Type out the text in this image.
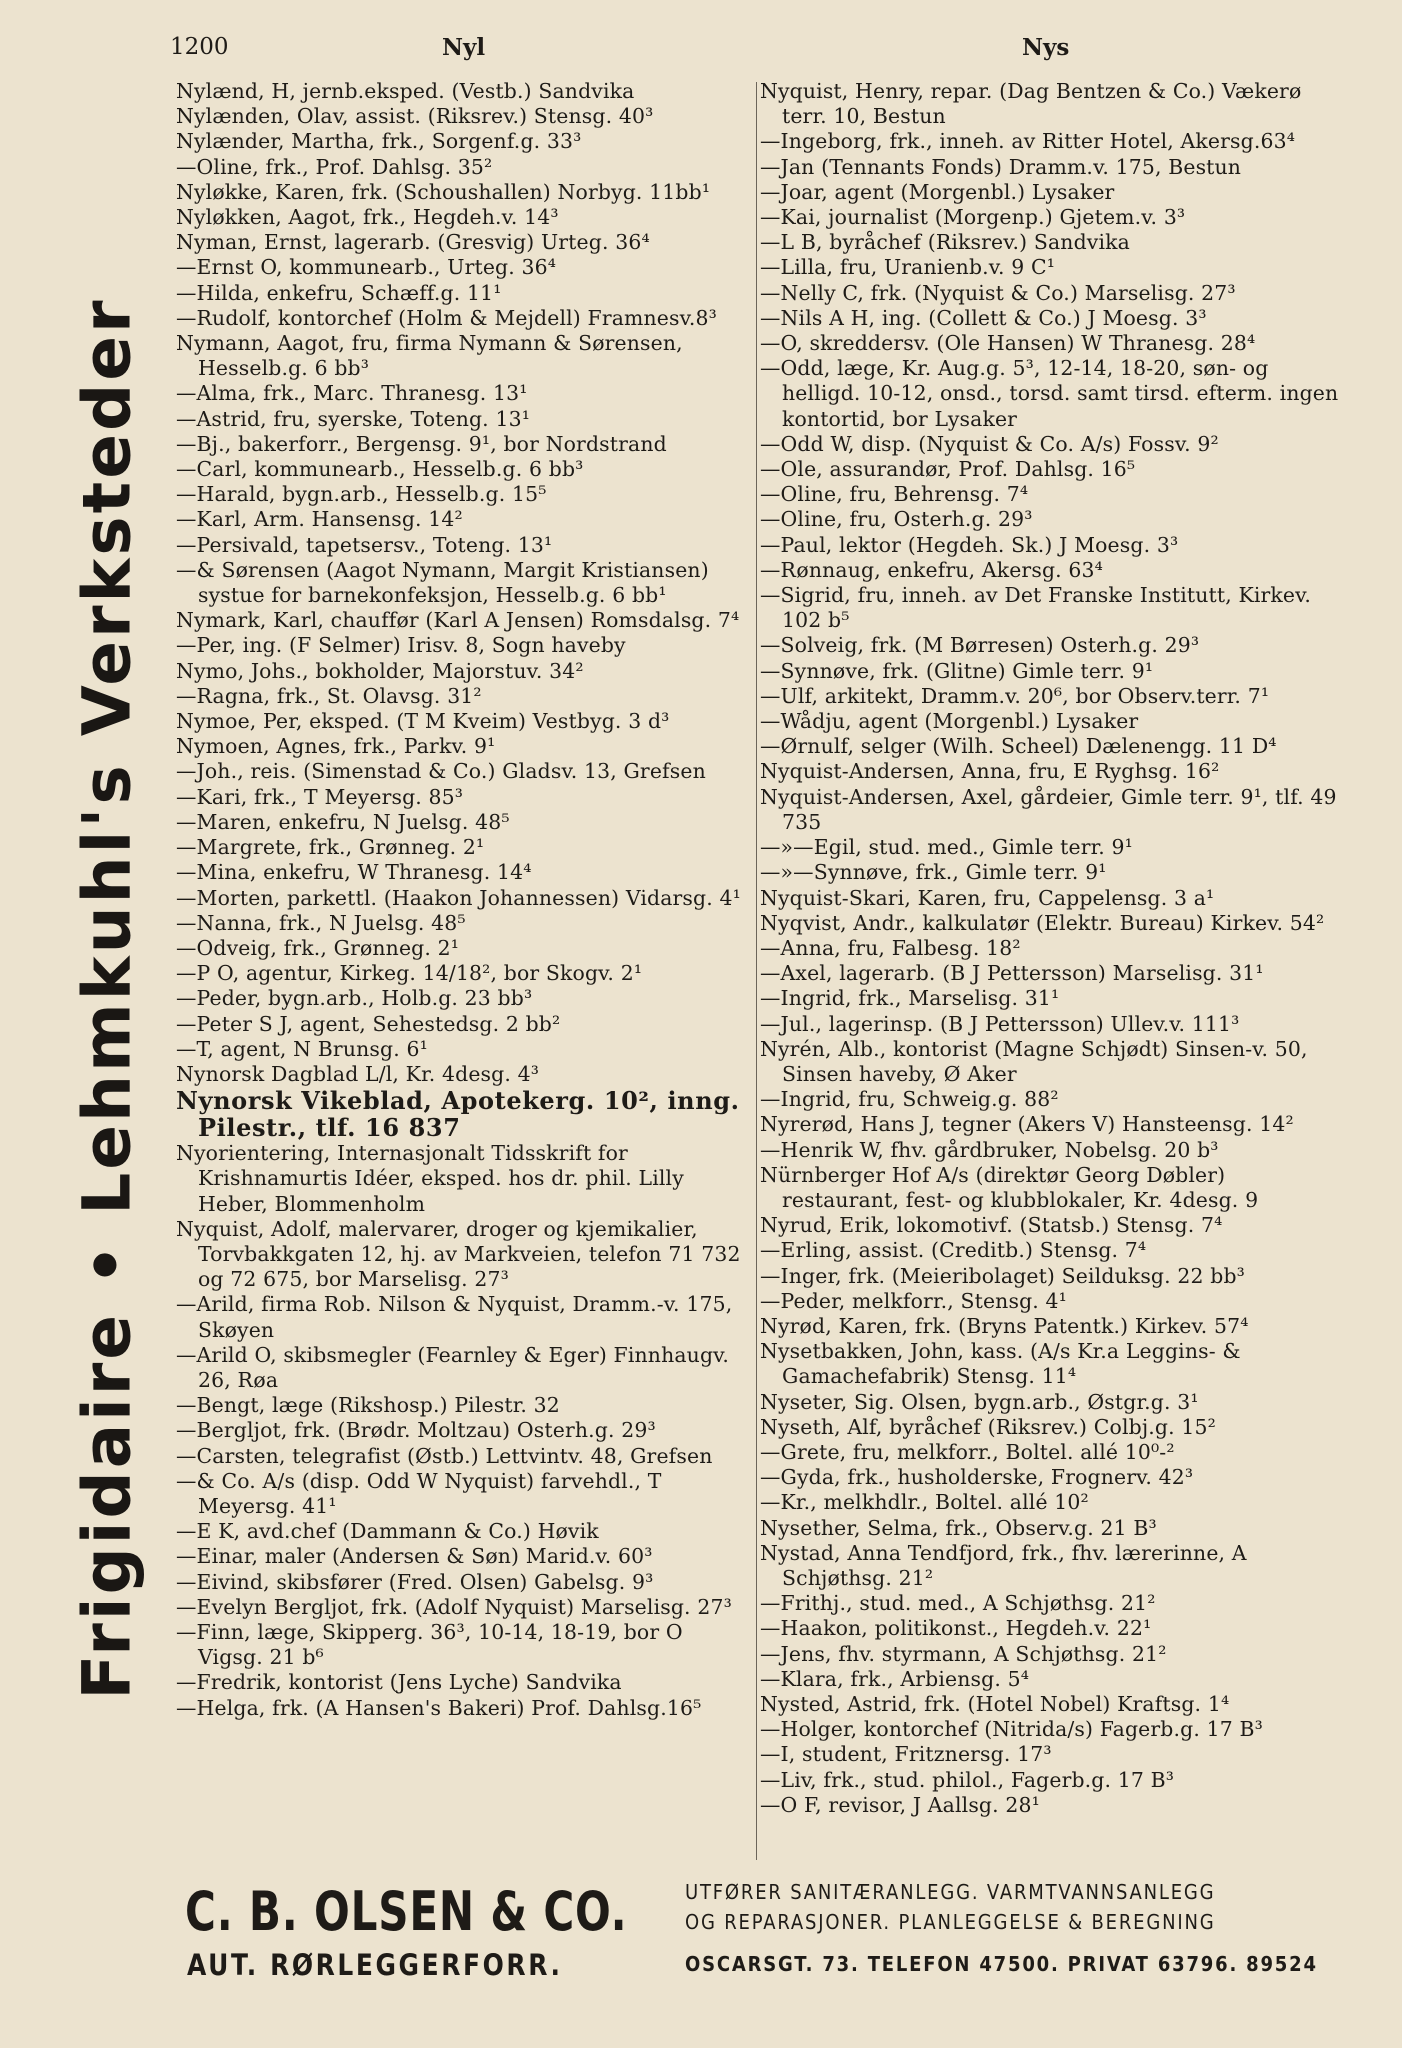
1200	Nyl	Nys
Frigidaire • Lehmkuhl's Verksteder
Nylænd, H, jernb.eksped. (Vestb.) Sandvika
Nylænden, Olav, assist. (Riksrev.) Stensg. 40³
Nylænder, Martha, frk., Sorgenf.g. 33³
—Oline, frk., Prof. Dahlsg. 35²
Nyløkke, Karen, frk. (Schoushallen) Norbyg. 11bb¹
Nyløkken, Aagot, frk., Hegdeh.v. 14³
Nyman, Ernst, lagerarb. (Gresvig) Urteg. 36⁴
—Ernst O, kommunearb., Urteg. 36⁴
—Hilda, enkefru, Schæff.g. 11¹
—Rudolf, kontorchef (Holm & Mejdell) Framnesv.8³
Nymann, Aagot, fru, firma Nymann & Sørensen, Hesselb.g. 6 bb³
—Alma, frk., Marc. Thranesg. 13¹
—Astrid, fru, syerske, Toteng. 13¹
—Bj., bakerforr., Bergensg. 9¹, bor Nordstrand
—Carl, kommunearb., Hesselb.g. 6 bb³
—Harald, bygn.arb., Hesselb.g. 15⁵
—Karl, Arm. Hansensg. 14²
—Persivald, tapetsersv., Toteng. 13¹
—& Sørensen (Aagot Nymann, Margit Kristiansen) systue for barnekonfeksjon, Hesselb.g. 6 bb¹
Nymark, Karl, chauffør (Karl A Jensen) Romsdalsg. 7⁴
—Per, ing. (F Selmer) Irisv. 8, Sogn haveby
Nymo, Johs., bokholder, Majorstuv. 34²
—Ragna, frk., St. Olavsg. 31²
Nymoe, Per, eksped. (T M Kveim) Vestbyg. 3 d³
Nymoen, Agnes, frk., Parkv. 9¹
—Joh., reis. (Simenstad & Co.) Gladsv. 13, Grefsen
—Kari, frk., T Meyersg. 85³
—Maren, enkefru, N Juelsg. 48⁵
—Margrete, frk., Grønneg. 2¹
—Mina, enkefru, W Thranesg. 14⁴
—Morten, parkettl. (Haakon Johannessen) Vidarsg. 4¹
—Nanna, frk., N Juelsg. 48⁵
—Odveig, frk., Grønneg. 2¹
—P O, agentur, Kirkeg. 14/18², bor Skogv. 2¹
—Peder, bygn.arb., Holb.g. 23 bb³
—Peter S J, agent, Sehestedsg. 2 bb²
—T, agent, N Brunsg. 6¹
Nynorsk Dagblad L/l, Kr. 4desg. 4³
Nynorsk Vikeblad, Apotekerg. 10², inng. Pilestr., tlf. 16 837
Nyorientering, Internasjonalt Tidsskrift for Krishnamurtis Idéer, eksped. hos dr. phil. Lilly Heber, Blommenholm
Nyquist, Adolf, malervarer, droger og kjemikalier, Torvbakkgaten 12, hj. av Markveien, telefon 71 732 og 72 675, bor Marselisg. 27³
—Arild, firma Rob. Nilson & Nyquist, Dramm.-v. 175, Skøyen
—Arild O, skibsmegler (Fearnley & Eger) Finnhaugv. 26, Røa
—Bengt, læge (Rikshosp.) Pilestr. 32
—Bergljot, frk. (Brødr. Moltzau) Osterh.g. 29³
—Carsten, telegrafist (Østb.) Lettvintv. 48, Grefsen
—& Co. A/s (disp. Odd W Nyquist) farvehdl., T Meyersg. 41¹
—E K, avd.chef (Dammann & Co.) Høvik
—Einar, maler (Andersen & Søn) Marid.v. 60³
—Eivind, skibsfører (Fred. Olsen) Gabelsg. 9³
—Evelyn Bergljot, frk. (Adolf Nyquist) Marselisg. 27³
—Finn, læge, Skipperg. 36³, 10-14, 18-19, bor O Vigsg. 21 b⁶
—Fredrik, kontorist (Jens Lyche) Sandvika
—Helga, frk. (A Hansen's Bakeri) Prof. Dahlsg.16⁵
Nyquist, Henry, repar. (Dag Bentzen & Co.) Vækerø terr. 10, Bestun
—Ingeborg, frk., inneh. av Ritter Hotel, Akersg.63⁴
—Jan (Tennants Fonds) Dramm.v. 175, Bestun
—Joar, agent (Morgenbl.) Lysaker
—Kai, journalist (Morgenp.) Gjetem.v. 3³
—L B, byråchef (Riksrev.) Sandvika
—Lilla, fru, Uranienb.v. 9 C¹
—Nelly C, frk. (Nyquist & Co.) Marselisg. 27³
—Nils A H, ing. (Collett & Co.) J Moesg. 3³
—O, skreddersv. (Ole Hansen) W Thranesg. 28⁴
—Odd, læge, Kr. Aug.g. 5³, 12-14, 18-20, søn- og helligd. 10-12, onsd., torsd. samt tirsd. efterm. ingen kontortid, bor Lysaker
—Odd W, disp. (Nyquist & Co. A/s) Fossv. 9²
—Ole, assurandør, Prof. Dahlsg. 16⁵
—Oline, fru, Behrensg. 7⁴
—Oline, fru, Osterh.g. 29³
—Paul, lektor (Hegdeh. Sk.) J Moesg. 3³
—Rønnaug, enkefru, Akersg. 63⁴
—Sigrid, fru, inneh. av Det Franske Institutt, Kirkev. 102 b⁵
—Solveig, frk. (M Børresen) Osterh.g. 29³
—Synnøve, frk. (Glitne) Gimle terr. 9¹
—Ulf, arkitekt, Dramm.v. 20⁶, bor Observ.terr. 7¹
—Wådju, agent (Morgenbl.) Lysaker
—Ørnulf, selger (Wilh. Scheel) Dælenengg. 11 D⁴
Nyquist-Andersen, Anna, fru, E Ryghsg. 16²
Nyquist-Andersen, Axel, gårdeier, Gimle terr. 9¹, tlf. 49 735
—»—Egil, stud. med., Gimle terr. 9¹
—»—Synnøve, frk., Gimle terr. 9¹
Nyquist-Skari, Karen, fru, Cappelensg. 3 a¹
Nyqvist, Andr., kalkulatør (Elektr. Bureau) Kirkev. 54²
—Anna, fru, Falbesg. 18²
—Axel, lagerarb. (B J Pettersson) Marselisg. 31¹
—Ingrid, frk., Marselisg. 31¹
—Jul., lagerinsp. (B J Pettersson) Ullev.v. 111³
Nyrén, Alb., kontorist (Magne Schjødt) Sinsen-v. 50, Sinsen haveby, Ø Aker
—Ingrid, fru, Schweig.g. 88²
Nyrerød, Hans J, tegner (Akers V) Hansteensg. 14²
—Henrik W, fhv. gårdbruker, Nobelsg. 20 b³
Nürnberger Hof A/s (direktør Georg Døbler) restaurant, fest- og klubblokaler, Kr. 4desg. 9
Nyrud, Erik, lokomotivf. (Statsb.) Stensg. 7⁴
—Erling, assist. (Creditb.) Stensg. 7⁴
—Inger, frk. (Meieribolaget) Seilduksg. 22 bb³
—Peder, melkforr., Stensg. 4¹
Nyrød, Karen, frk. (Bryns Patentk.) Kirkev. 57⁴
Nysetbakken, John, kass. (A/s Kr.a Leggins- & Gamachefabrik) Stensg. 11⁴
Nyseter, Sig. Olsen, bygn.arb., Østgr.g. 3¹
Nyseth, Alf, byråchef (Riksrev.) Colbj.g. 15²
—Grete, fru, melkforr., Boltel. allé 10⁰‑²
—Gyda, frk., husholderske, Frognerv. 42³
—Kr., melkhdlr., Boltel. allé 10²
Nysether, Selma, frk., Observ.g. 21 B³
Nystad, Anna Tendfjord, frk., fhv. lærerinne, A Schjøthsg. 21²
—Frithj., stud. med., A Schjøthsg. 21²
—Haakon, politikonst., Hegdeh.v. 22¹
—Jens, fhv. styrmann, A Schjøthsg. 21²
—Klara, frk., Arbiensg. 5⁴
Nysted, Astrid, frk. (Hotel Nobel) Kraftsg. 1⁴
—Holger, kontorchef (Nitrida/s) Fagerb.g. 17 B³
—I, student, Fritznersg. 17³
—Liv, frk., stud. philol., Fagerb.g. 17 B³
—O F, revisor, J Aallsg. 28¹
C. B. OLSEN & CO.
AUT. RØRLEGGERFORR.
UTFØRER SANITÆRANLEGG. VARMTVANNSANLEGG
OG REPARASJONER. PLANLEGGELSE & BEREGNING
OSCARSGT. 73. TELEFON 47500. PRIVAT 63796. 89524
